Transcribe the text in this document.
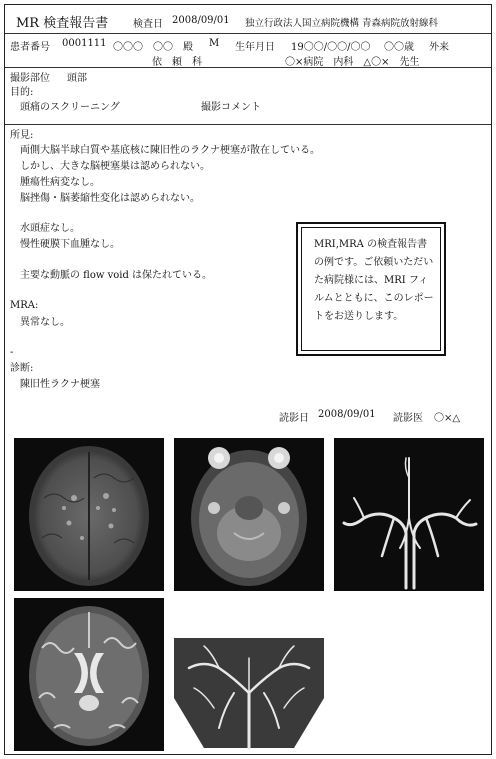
MR 検査報告書 検査日 2008/09/01 独立行政法人国立病院機構 青森病院放射線科
患者番号 0001111 〇〇〇　〇〇　殿 M 生年月日 19〇〇/〇〇/〇〇 〇〇歳 外来
依　頼　科	〇×病院　内科　△〇×　先生
撮影部位 頭部
目的:
頭痛のスクリーニング	撮影コメント
所見:
両側大脳半球白質や基底核に陳旧性のラクナ梗塞が散在している。
しかし、大きな脳梗塞巣は認められない。
腫瘍性病変なし。
脳挫傷・脳萎縮性変化は認められない。
水頭症なし。
慢性硬膜下血腫なし。
主要な動脈の flow void は保たれている。
MRA:
異常なし。
-
診断:
陳旧性ラクナ梗塞
MRI,MRA の検査報告書の例です。ご依頼いただいた病院様には、MRI フィルムとともに、このレポートをお送りします。
読影日 2008/09/01 読影医 〇×△
